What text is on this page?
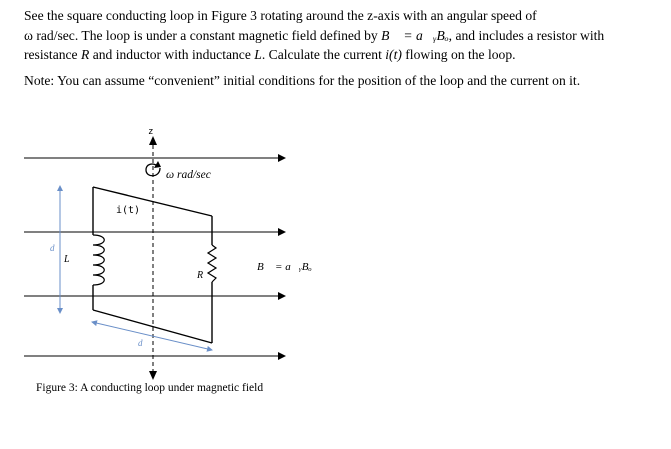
See the square conducting loop in Figure 3 rotating around the z-axis with an angular speed of
ω rad/sec. The loop is under a constant magnetic field defined by B⃗ = a⃗ᵧBₒ, and includes a resistor with
resistance R and inductor with inductance L. Calculate the current i(t) flowing on the loop.

Note: You can assume “convenient” initial conditions for the position of the loop and the current on it.

z
ω rad/sec
L
R
i(t)
d
d
B⃗ = a⃗ᵧBₒ

Figure 3: A conducting loop under magnetic field
